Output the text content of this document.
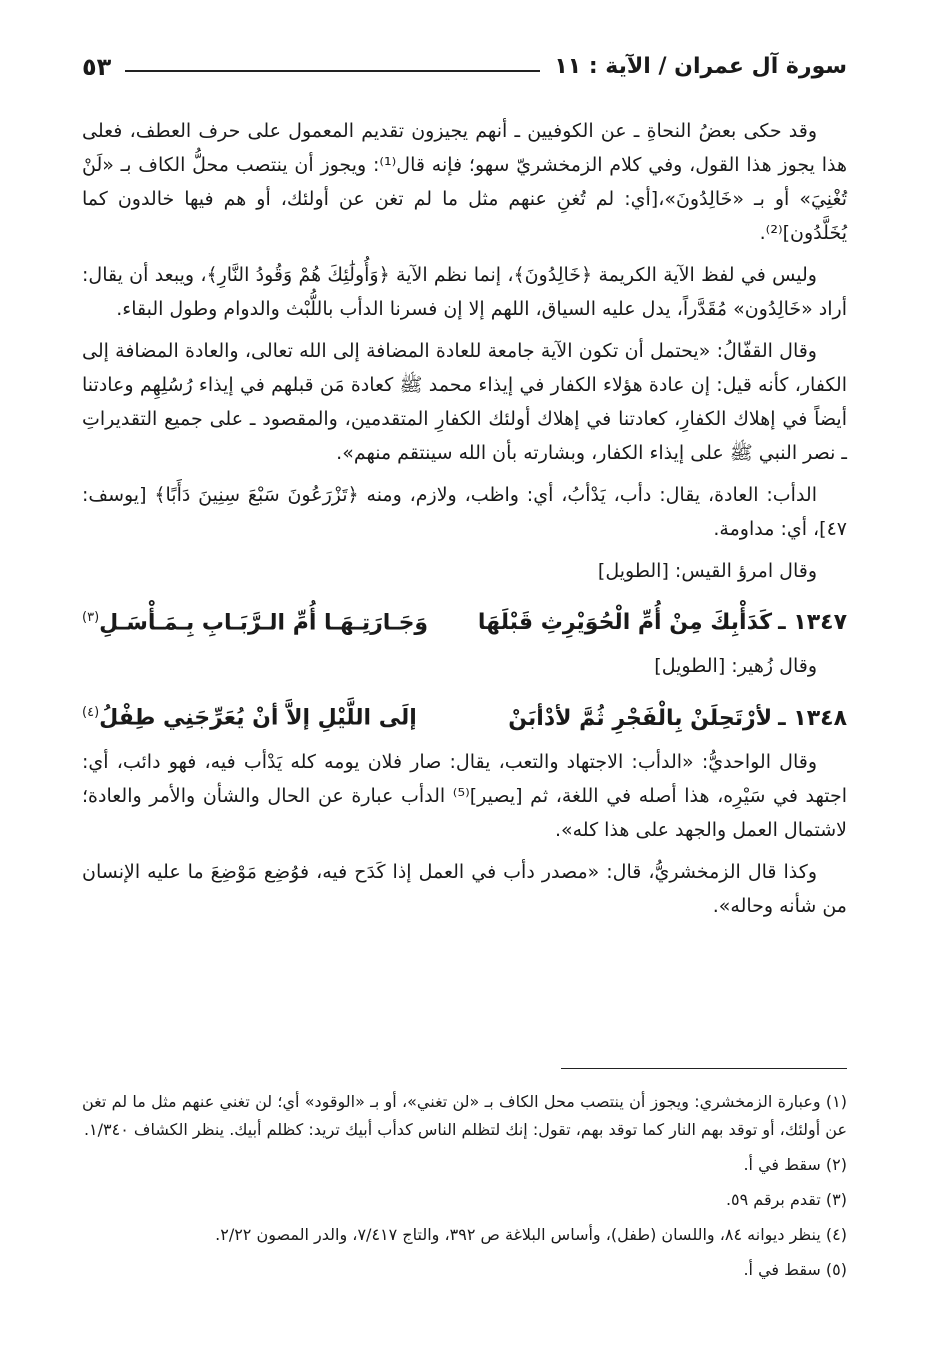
سورة آل عمران / الآية : ١١
٥٣

وقد حكى بعضُ النحاةِ ـ عن الكوفيين ـ أنهم يجيزون تقديم المعمول على حرف العطف، فعلى هذا يجوز هذا القول، وفي كلام الزمخشريّ سهو؛ فإنه قال⁽¹⁾: ويجوز أن ينتصب محلُّ الكاف بـ «لَنْ تُغْنِيَ» أو بـ «خَالِدُونَ»،[أي: لم تُغنِ عنهم مثل ما لم تغن عن أولئك، أو هم فيها خالدون كما يُخَلَّدُون]⁽²⁾.

وليس في لفظ الآية الكريمة ﴿خَالِدُونَ﴾، إنما نظم الآية ﴿وَأُولَٰئِكَ هُمْ وَقُودُ النَّارِ﴾، ويبعد أن يقال: أراد «خَالِدُون» مُقَدَّراً، يدل عليه السياق، اللهم إلا إن فسرنا الدأب باللُّبْث والدوام وطول البقاء.

وقال القفّالُ: «يحتمل أن تكون الآية جامعة للعادة المضافة إلى الله تعالى، والعادة المضافة إلى الكفار، كأنه قيل: إن عادة هؤلاء الكفار في إيذاء محمد ﷺ كعادة مَن قبلهم في إيذاء رُسُلِهِم وعادتنا أيضاً في إهلاك الكفارِ، كعادتنا في إهلاك أولئك الكفارِ المتقدمين، والمقصود ـ على جميع التقديراتِ ـ نصر النبي ﷺ على إيذاء الكفار، وبشارته بأن الله سينتقم منهم».

الدأب: العادة، يقال: دأب، يَدْأبُ، أي: واظب، ولازم، ومنه ﴿تَزْرَعُونَ سَبْعَ سِنِينَ دَأَبًا﴾ [يوسف: ٤٧]، أي: مداومة.

وقال امرؤ القيس: [الطويل]

١٣٤٧ ـ
كَدَأْبِكَ مِنْ أُمِّ الْحُوَيْرِثِ قَبْلَهَا
وَجَـارَتِـهَـا أُمِّ الـرَّبَـابِ بِـمَـأْسَـلِ$^{(٣)}$

وقال زُهير: [الطويل]

١٣٤٨ ـ
لأرْتَحِلَنْ بِالْفَجْرِ ثُمَّ لأدْأبَنْ
إلَى اللَّيْلِ إلاَّ أنْ يُعَرِّجَنِي طِفْلُ$^{(٤)}$

وقال الواحديُّ: «الدأب: الاجتهاد والتعب، يقال: صار فلان يومه كله يَدْأب فيه، فهو دائب، أي: اجتهد في سَيْرِه، هذا أصله في اللغة، ثم [يصير]⁽⁵⁾ الدأب عبارة عن الحال والشأن والأمر والعادة؛ لاشتمال العمل والجهد على هذا كله».

وكذا قال الزمخشريُّ، قال: «مصدر دأب في العمل إذا كَدَح فيه، فوُضِع مَوْضِعَ ما عليه الإنسان من شأنه وحاله».

(١) وعبارة الزمخشري: ويجوز أن ينتصب محل الكاف بـ «لن تغني»، أو بـ «الوقود» أي؛ لن تغني عنهم مثل ما لم تغن عن أولئك، أو توقد بهم النار كما توقد بهم، تقول: إنك لتظلم الناس كدأب أبيك تريد: كظلم أبيك. ينظر الكشاف ١/٣٤٠.
(٢) سقط في أ.
(٣) تقدم برقم ٥٩.
(٤) ينظر ديوانه ٨٤، واللسان (طفل)، وأساس البلاغة ص ٣٩٢، والتاج ٧/٤١٧، والدر المصون ٢/٢٢.
(٥) سقط في أ.
